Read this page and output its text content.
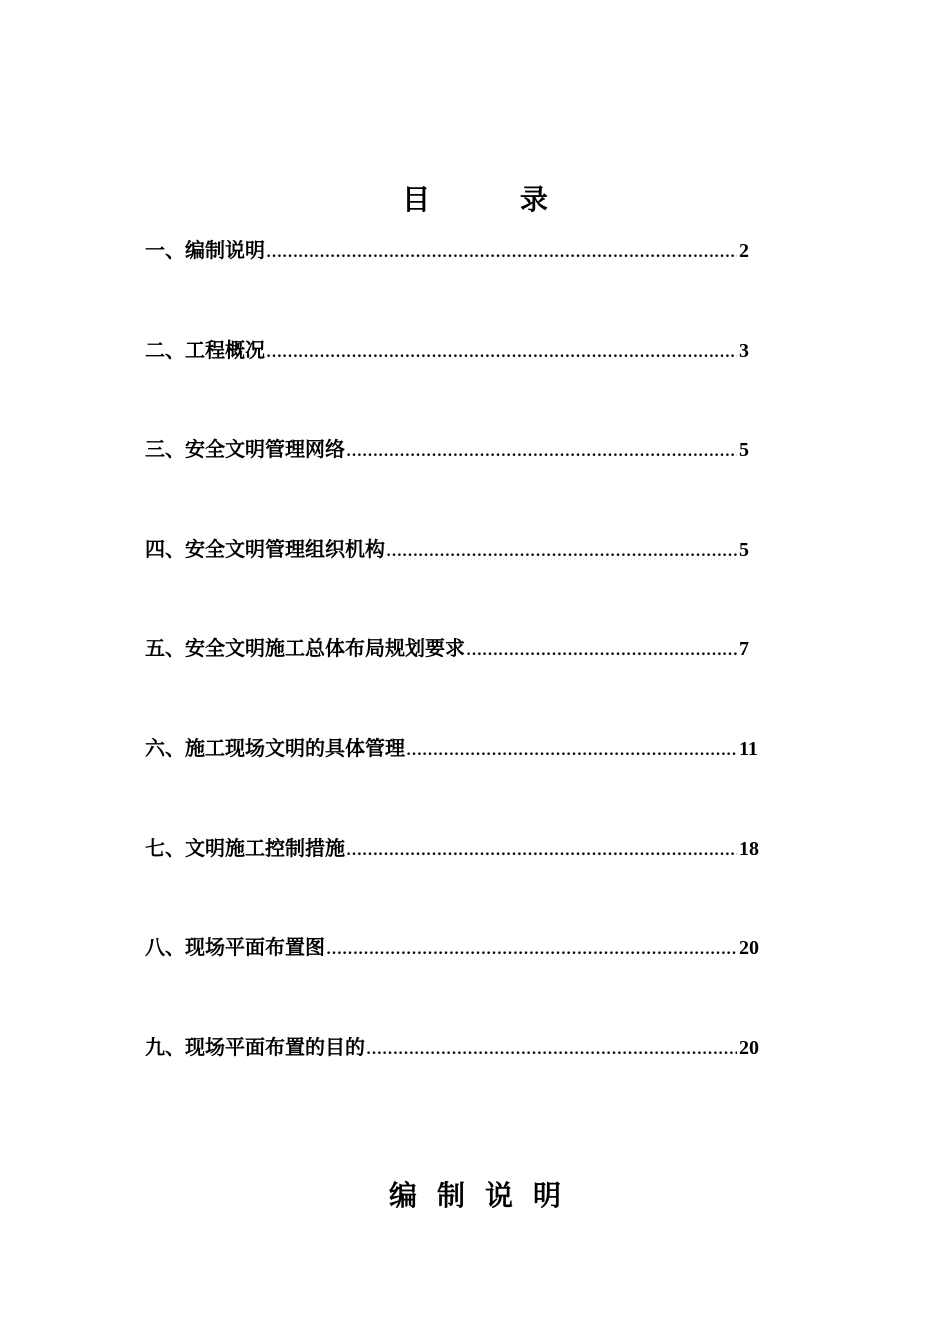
目 录
一、编制说明 ……………………………………………………………………………………………………………………………………………………………………	2
二、工程概况 ……………………………………………………………………………………………………………………………………………………………………	3
三、安全文明管理网络 ……………………………………………………………………………………………………………………………………………………………………	5
四、安全文明管理组织机构 ……………………………………………………………………………………………………………………………………………………………………	5
五、安全文明施工总体布局规划要求 ……………………………………………………………………………………………………………………………………………………………………	7
六、施工现场文明的具体管理 ……………………………………………………………………………………………………………………………………………………………………	11
七、文明施工控制措施 ……………………………………………………………………………………………………………………………………………………………………	18
八、现场平面布置图 ……………………………………………………………………………………………………………………………………………………………………	20
九、现场平面布置的目的 ……………………………………………………………………………………………………………………………………………………………………	20
编制说明
